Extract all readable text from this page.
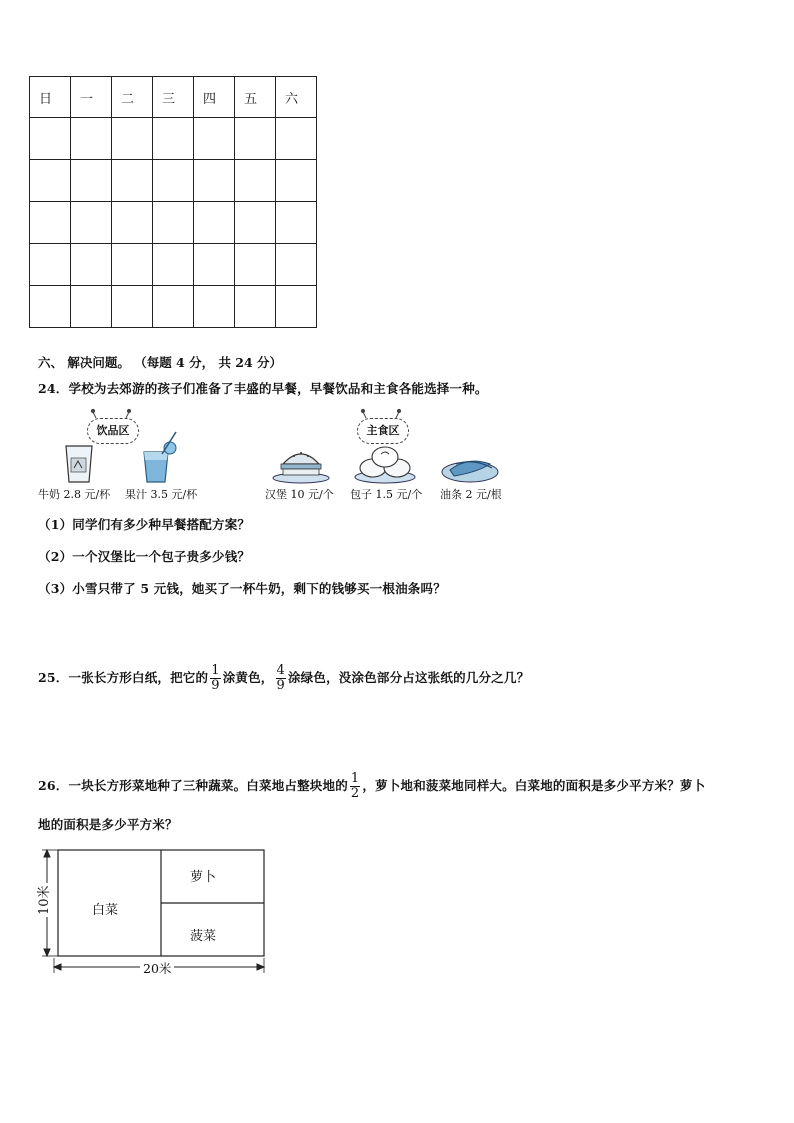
日	一	二	三	四	五	六

六、 解决问题。 （每题 4 分， 共 24 分）
24．学校为去郊游的孩子们准备了丰盛的早餐，早餐饮品和主食各能选择一种。
饮品区	主食区
牛奶 2.8 元/杯 果汁 3.5 元/杯	汉堡 10 元/个 包子 1.5 元/个 油条 2 元/根
（1）同学们有多少种早餐搭配方案？
（2）一个汉堡比一个包子贵多少钱？
（3）小雪只带了 5 元钱，她买了一杯牛奶，剩下的钱够买一根油条吗？
25．一张长方形白纸，把它的 $\frac{1}{9}$ 涂黄色， $\frac{4}{9}$ 涂绿色，没涂色部分占这张纸的几分之几？
26．一块长方形菜地种了三种蔬菜。白菜地占整块地的 $\frac{1}{2}$ ，萝卜地和菠菜地同样大。白菜地的面积是多少平方米？萝卜
地的面积是多少平方米？
白菜
萝卜
菠菜
10米
20米
